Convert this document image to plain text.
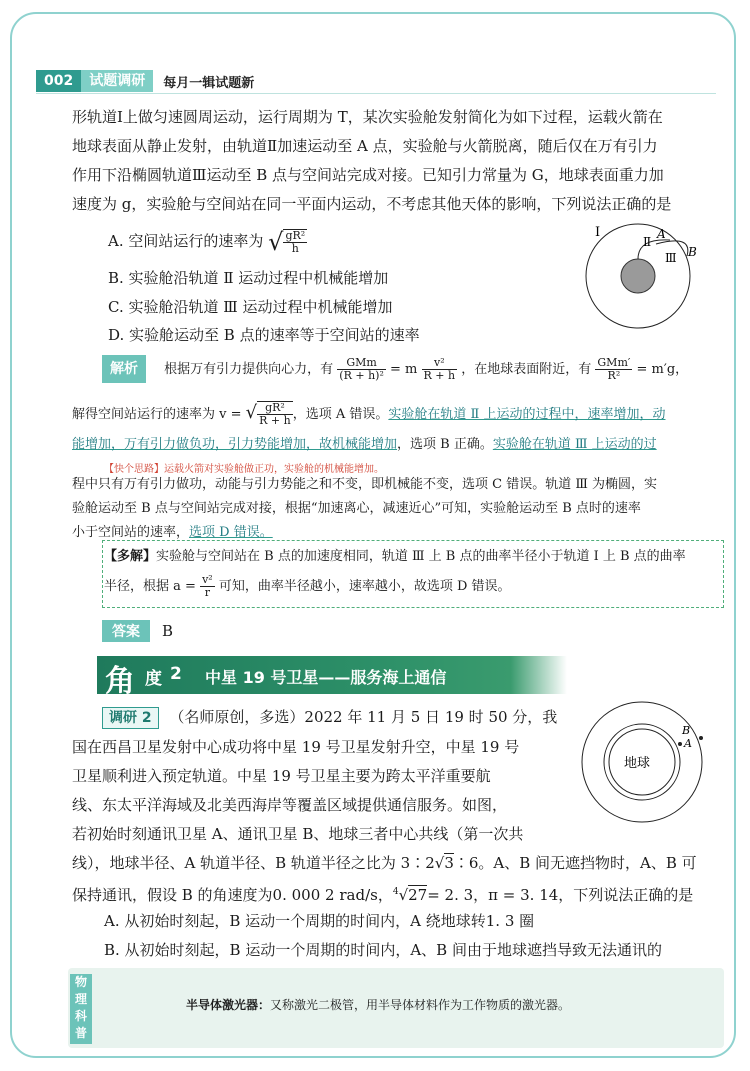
002	试题调研	每月一辑试题新
形轨道Ⅰ上做匀速圆周运动，运行周期为 T，某次实验舱发射简化为如下过程，运载火箭在
地球表面从静止发射，由轨道Ⅱ加速运动至 A 点，实验舱与火箭脱离，随后仅在万有引力
作用下沿椭圆轨道Ⅲ运动至 B 点与空间站完成对接。已知引力常量为 G，地球表面重力加
速度为 g，实验舱与空间站在同一平面内运动，不考虑其他天体的影响，下列说法正确的是
A. 空间站运行的速率为 √ $\frac{\text{gR²}}{h}$
B. 实验舱沿轨道 Ⅱ 运动过程中机械能增加
C. 实验舱沿轨道 Ⅲ 运动过程中机械能增加
D. 实验舱运动至 B 点的速率等于空间站的速率
Ⅰ
Ⅱ
A
Ⅲ B
解析 根据万有引力提供向心力，有 $\frac{\text{GMm}}{\text{(R + h)²}} = m \frac{\text{v²}}{R + h}$ ，在地球表面附近，有 $\frac{\text{GMm′}}{\text{R²}} = m'g$，
解得空间站运行的速率为 v = √ $\frac{\text{gR²}}{R + h}$ ，选项 A 错误。实验舱在轨道 Ⅱ 上运动的过程中，速率增加，动
能增加，万有引力做负功，引力势能增加，故机械能增加，选项 B 正确。实验舱在轨道 Ⅲ 上运动的过
【快个思路】运载火箭对实验舱做正功，实验舱的机械能增加。
程中只有万有引力做功，动能与引力势能之和不变，即机械能不变，选项 C 错误。轨道 Ⅲ 为椭圆，实
验舱运动至 B 点与空间站完成对接，根据“加速离心，减速近心”可知，实验舱运动至 B 点时的速率
小于空间站的速率，选项 D 错误。
【多解】实验舱与空间站在 B 点的加速度相同，轨道 Ⅲ 上 B 点的曲率半径小于轨道 Ⅰ 上 B 点的曲率
半径，根据 $a = \frac{\text{v²}}{r}$ 可知，曲率半径越小，速率越小，故选项 D 错误。
答案	B
角 度 2 中星 19 号卫星——服务海上通信
调研 2 （名师原创，多选）2022 年 11 月 5 日 19 时 50 分，我
国在西昌卫星发射中心成功将中星 19 号卫星发射升空，中星 19 号
卫星顺利进入预定轨道。中星 19 号卫星主要为跨太平洋重要航
线、东太平洋海域及北美西海岸等覆盖区域提供通信服务。如图，
若初始时刻通讯卫星 A、通讯卫星 B、地球三者中心共线（第一次共
线），地球半径、A 轨道半径、B 轨道半径之比为 3∶2√3∶6。A、B 间无遮挡物时，A、B 可
保持通讯，假设 B 的角速度为0. 000 2 rad/s，$^4$√27= 2. 3，π = 3. 14，下列说法正确的是
A. 从初始时刻起，B 运动一个周期的时间内，A 绕地球转1. 3 圈
B. 从初始时刻起，B 运动一个周期的时间内，A、B 间由于地球遮挡导致无法通讯的
地球
A
B
物理科普
半导体激光器：又称激光二极管，用半导体材料作为工作物质的激光器。
